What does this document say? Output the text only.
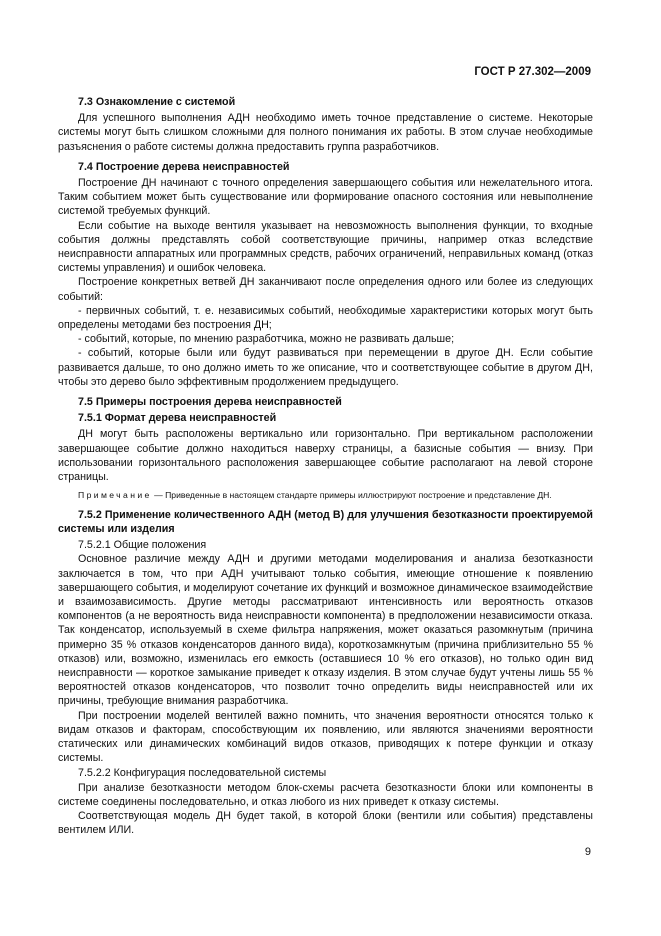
ГОСТ Р 27.302—2009

7.3 Ознакомление с системой

Для успешного выполнения АДН необходимо иметь точное представление о системе. Некоторые системы могут быть слишком сложными для полного понимания их работы. В этом случае необходимые разъяснения о работе системы должна предоставить группа разработчиков.

7.4 Построение дерева неисправностей

Построение ДН начинают с точного определения завершающего события или нежелательного итога. Таким событием может быть существование или формирование опасного состояния или невыполнение системой требуемых функций.

Если событие на выходе вентиля указывает на невозможность выполнения функции, то входные события должны представлять собой соответствующие причины, например отказ вследствие неисправности аппаратных или программных средств, рабочих ограничений, неправильных команд (отказ системы управления) и ошибок человека.

Построение конкретных ветвей ДН заканчивают после определения одного или более из следующих событий:

- первичных событий, т. е. независимых событий, необходимые характеристики которых могут быть определены методами без построения ДН;

- событий, которые, по мнению разработчика, можно не развивать дальше;

- событий, которые были или будут развиваться при перемещении в другое ДН. Если событие развивается дальше, то оно должно иметь то же описание, что и соответствующее событие в другом ДН, чтобы это дерево было эффективным продолжением предыдущего.

7.5 Примеры построения дерева неисправностей

7.5.1 Формат дерева неисправностей

ДН могут быть расположены вертикально или горизонтально. При вертикальном расположении завершающее событие должно находиться наверху страницы, а базисные события — внизу. При использовании горизонтального расположения завершающее событие располагают на левой стороне страницы.

Примечание — Приведенные в настоящем стандарте примеры иллюстрируют построение и представление ДН.

7.5.2 Применение количественного АДН (метод В) для улучшения безотказности проектируемой системы или изделия

7.5.2.1 Общие положения

Основное различие между АДН и другими методами моделирования и анализа безотказности заключается в том, что при АДН учитывают только события, имеющие отношение к появлению завершающего события, и моделируют сочетание их функций и возможное динамическое взаимодействие и взаимозависимость. Другие методы рассматривают интенсивность или вероятность отказов компонентов (а не вероятность вида неисправности компонента) в предположении независимости отказа. Так конденсатор, используемый в схеме фильтра напряжения, может оказаться разомкнутым (причина примерно 35 % отказов конденсаторов данного вида), короткозамкнутым (причина приблизительно 55 % отказов) или, возможно, изменилась его емкость (оставшиеся 10 % его отказов), но только один вид неисправности — короткое замыкание приведет к отказу изделия. В этом случае будут учтены лишь 55 % вероятностей отказов конденсаторов, что позволит точно определить виды неисправностей или их причины, требующие внимания разработчика.

При построении моделей вентилей важно помнить, что значения вероятности относятся только к видам отказов и факторам, способствующим их появлению, или являются значениями вероятности статических или динамических комбинаций видов отказов, приводящих к потере функции и отказу системы.

7.5.2.2 Конфигурация последовательной системы

При анализе безотказности методом блок-схемы расчета безотказности блоки или компоненты в системе соединены последовательно, и отказ любого из них приведет к отказу системы.

Соответствующая модель ДН будет такой, в которой блоки (вентили или события) представлены вентилем ИЛИ.

9
